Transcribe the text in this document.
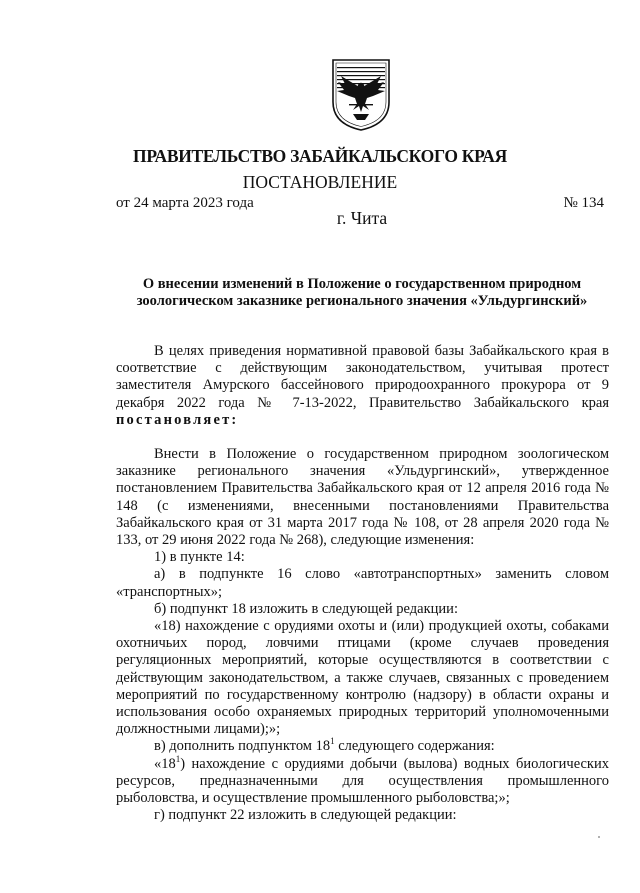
ПРАВИТЕЛЬСТВО ЗАБАЙКАЛЬСКОГО КРАЯ
ПОСТАНОВЛЕНИЕ
от 24 марта 2023 года	№ 134
г. Чита
О внесении изменений в Положение о государственном природном зоологическом заказнике регионального значения «Ульдургинский»

В целях приведения нормативной правовой базы Забайкальского края в соответствие с действующим законодательством, учитывая протест заместителя Амурского бассейнового природоохранного прокурора от 9 декабря 2022 года № 7-13-2022, Правительство Забайкальского края постановляет:

Внести в Положение о государственном природном зоологическом заказнике регионального значения «Ульдургинский», утвержденное постановлением Правительства Забайкальского края от 12 апреля 2016 года № 148 (с изменениями, внесенными постановлениями Правительства Забайкальского края от 31 марта 2017 года № 108, от 28 апреля 2020 года № 133, от 29 июня 2022 года № 268), следующие изменения:

1) в пункте 14:

а) в подпункте 16 слово «автотранспортных» заменить словом «транспортных»;

б) подпункт 18 изложить в следующей редакции:

«18) нахождение с орудиями охоты и (или) продукцией охоты, собаками охотничьих пород, ловчими птицами (кроме случаев проведения регуляционных мероприятий, которые осуществляются в соответствии с действующим законодательством, а также случаев, связанных с проведением мероприятий по государственному контролю (надзору) в области охраны и использования особо охраняемых природных территорий уполномоченными должностными лицами);»;

в) дополнить подпунктом $18^1$ следующего содержания:

«$18^1$) нахождение с орудиями добычи (вылова) водных биологических ресурсов, предназначенными для осуществления промышленного рыболовства, и осуществление промышленного рыболовства;»;

г) подпункт 22 изложить в следующей редакции:
